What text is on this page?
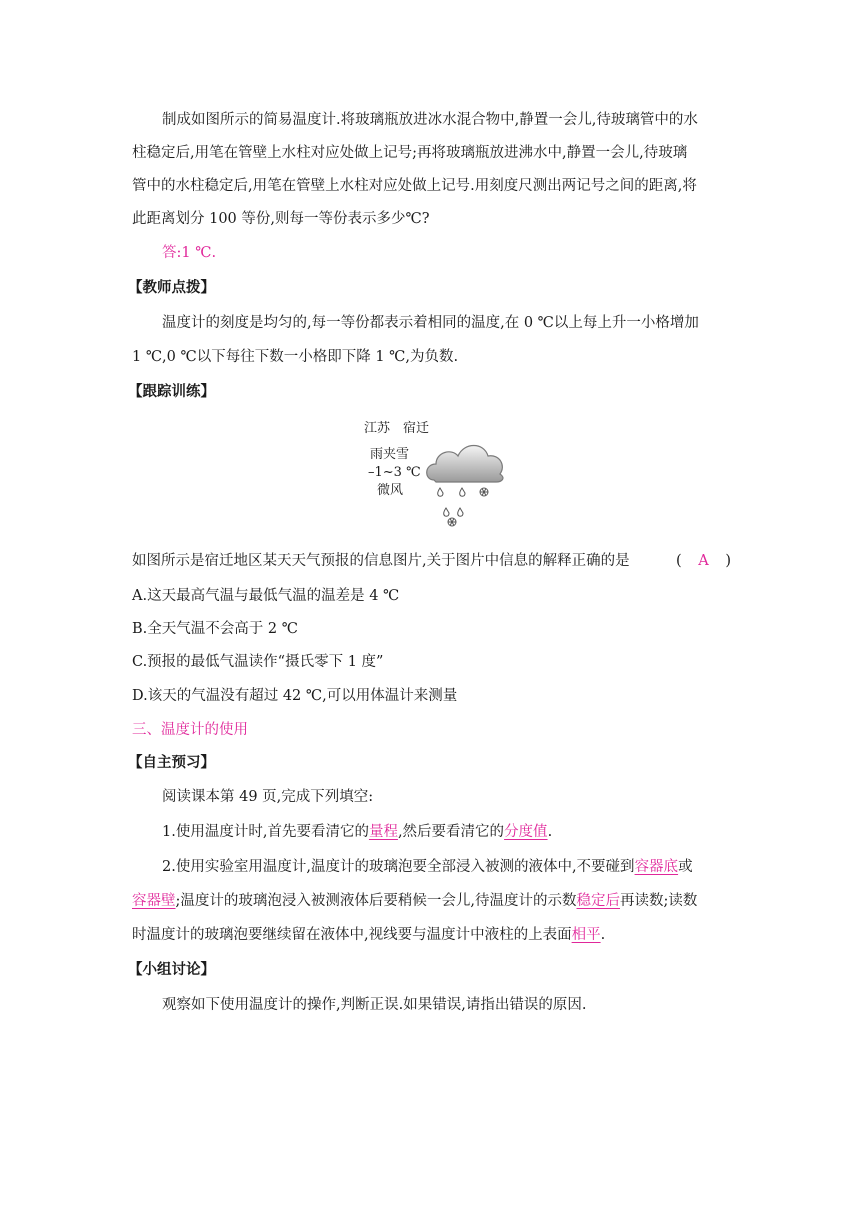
制成如图所示的简易温度计.将玻璃瓶放进冰水混合物中,静置一会儿,待玻璃管中的水
柱稳定后,用笔在管壁上水柱对应处做上记号;再将玻璃瓶放进沸水中,静置一会儿,待玻璃
管中的水柱稳定后,用笔在管壁上水柱对应处做上记号.用刻度尺测出两记号之间的距离,将
此距离划分 100 等份,则每一等份表示多少℃?
答:1 ℃.
【教师点拨】
温度计的刻度是均匀的,每一等份都表示着相同的温度,在 0 ℃以上每上升一小格增加
1 ℃,0 ℃以下每往下数一小格即下降 1 ℃,为负数.
【跟踪训练】
江苏　宿迁
雨夹雪
–1~3 ℃
微风
如图所示是宿迁地区某天天气预报的信息图片,关于图片中信息的解释正确的是	( A )
A.这天最高气温与最低气温的温差是 4 ℃
B.全天气温不会高于 2 ℃
C.预报的最低气温读作“摄氏零下 1 度”
D.该天的气温没有超过 42 ℃,可以用体温计来测量
三、温度计的使用
【自主预习】
阅读课本第 49 页,完成下列填空:
1.使用温度计时,首先要看清它的量程,然后要看清它的分度值.
2.使用实验室用温度计,温度计的玻璃泡要全部浸入被测的液体中,不要碰到容器底或
容器壁;温度计的玻璃泡浸入被测液体后要稍候一会儿,待温度计的示数稳定后再读数;读数
时温度计的玻璃泡要继续留在液体中,视线要与温度计中液柱的上表面相平.
【小组讨论】
观察如下使用温度计的操作,判断正误.如果错误,请指出错误的原因.
